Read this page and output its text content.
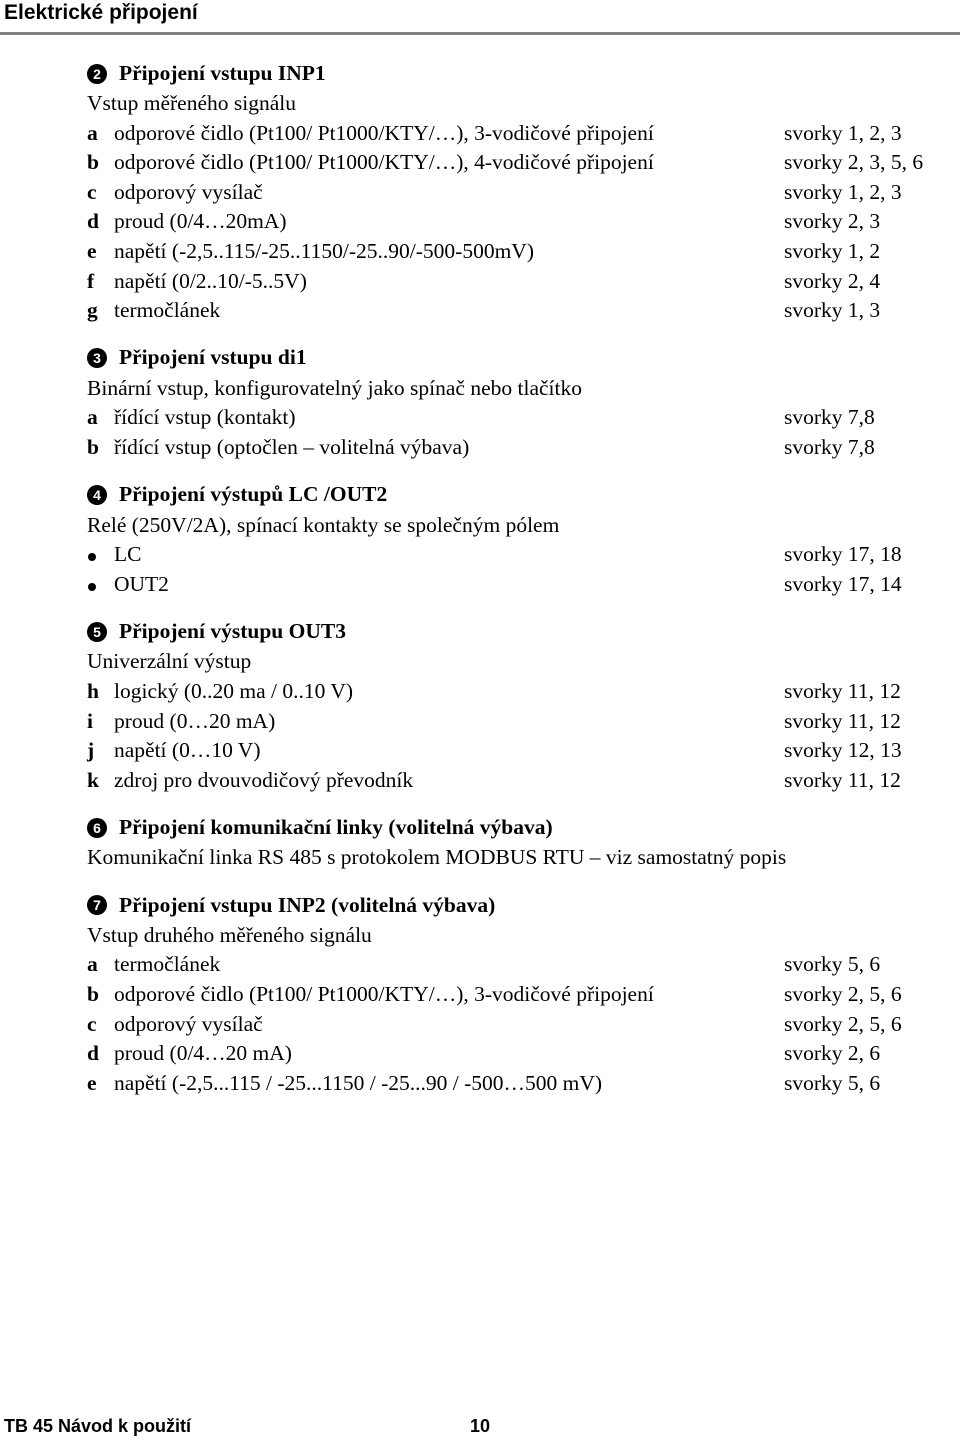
Elektrické připojení
2 Připojení vstupu INP1
Vstup měřeného signálu
a odporové čidlo (Pt100/ Pt1000/KTY/…), 3-vodičové připojení	svorky 1, 2, 3
b odporové čidlo (Pt100/ Pt1000/KTY/…), 4-vodičové připojení	svorky 2, 3, 5, 6
c odporový vysílač	svorky 1, 2, 3
d proud (0/4…20mA)	svorky 2, 3
e napětí (-2,5..115/-25..1150/-25..90/-500-500mV)	svorky 1, 2
f napětí (0/2..10/-5..5V)	svorky 2, 4
g termočlánek	svorky 1, 3
3 Připojení vstupu di1
Binární vstup, konfigurovatelný jako spínač nebo tlačítko
a řídící vstup (kontakt)	svorky 7,8
b řídící vstup (optočlen – volitelná výbava)	svorky 7,8
4 Připojení výstupů LC /OUT2
Relé (250V/2A), spínací kontakty se společným pólem
LC	svorky 17, 18
OUT2	svorky 17, 14
5 Připojení výstupu OUT3
Univerzální výstup
h logický (0..20 ma / 0..10 V)	svorky 11, 12
i proud (0…20 mA)	svorky 11, 12
j napětí (0…10 V)	svorky 12, 13
k zdroj pro dvouvodičový převodník	svorky 11, 12
6 Připojení komunikační linky (volitelná výbava)
Komunikační linka RS 485 s protokolem MODBUS RTU – viz samostatný popis
7 Připojení vstupu INP2 (volitelná výbava)
Vstup druhého měřeného signálu
a termočlánek	svorky 5, 6
b odporové čidlo (Pt100/ Pt1000/KTY/…), 3-vodičové připojení	svorky 2, 5, 6
c odporový vysílač	svorky 2, 5, 6
d proud (0/4…20 mA)	svorky 2, 6
e napětí (-2,5...115 / -25...1150 / -25...90 / -500…500 mV)	svorky 5, 6
TB 45 Návod k použití	10
